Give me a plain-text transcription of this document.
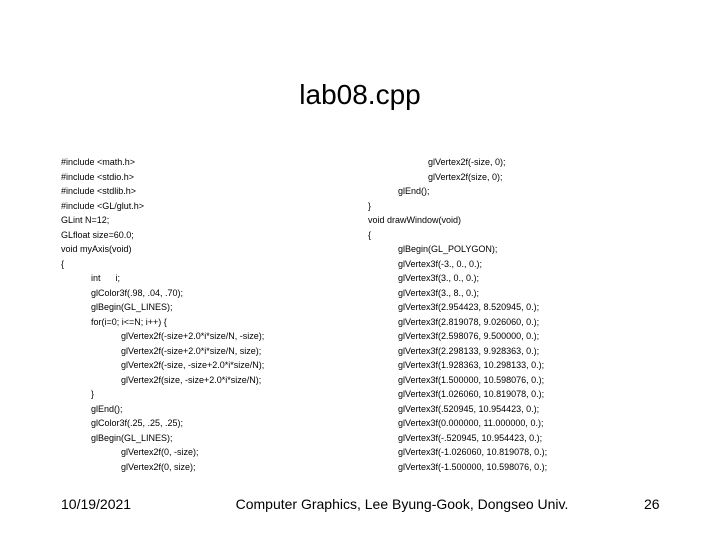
lab08.cpp
#include <math.h>
#include <stdio.h>
#include <stdlib.h>
#include <GL/glut.h>
GLint N=12;
GLfloat size=60.0;
void myAxis(void)
{
int      i;
glColor3f(.98, .04, .70);
glBegin(GL_LINES);
for(i=0; i<=N; i++) {
glVertex2f(-size+2.0*i*size/N, -size);
glVertex2f(-size+2.0*i*size/N, size);
glVertex2f(-size, -size+2.0*i*size/N);
glVertex2f(size, -size+2.0*i*size/N);
}
glEnd();
glColor3f(.25, .25, .25);
glBegin(GL_LINES);
glVertex2f(0, -size);
glVertex2f(0, size);
glVertex2f(-size, 0);
glVertex2f(size, 0);
glEnd();
}
void drawWindow(void)
{
glBegin(GL_POLYGON);
glVertex3f(-3., 0., 0.);
glVertex3f(3., 0., 0.);
glVertex3f(3., 8., 0.);
glVertex3f(2.954423, 8.520945, 0.);
glVertex3f(2.819078, 9.026060, 0.);
glVertex3f(2.598076, 9.500000, 0.);
glVertex3f(2.298133, 9.928363, 0.);
glVertex3f(1.928363, 10.298133, 0.);
glVertex3f(1.500000, 10.598076, 0.);
glVertex3f(1.026060, 10.819078, 0.);
glVertex3f(.520945, 10.954423, 0.);
glVertex3f(0.000000, 11.000000, 0.);
glVertex3f(-.520945, 10.954423, 0.);
glVertex3f(-1.026060, 10.819078, 0.);
glVertex3f(-1.500000, 10.598076, 0.);
10/19/2021	Computer Graphics, Lee Byung-Gook, Dongseo Univ.	26
